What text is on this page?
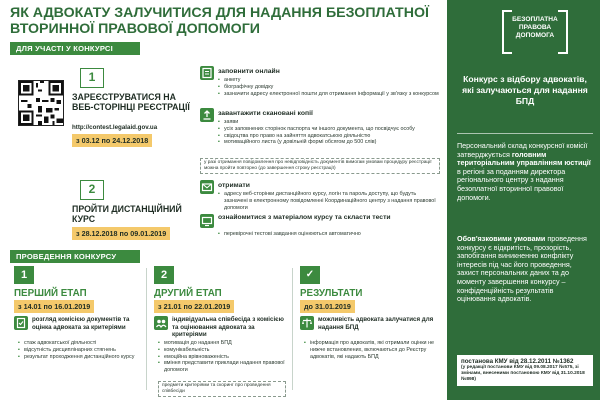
ЯК АДВОКАТУ ЗАЛУЧИТИСЯ ДЛЯ НАДАННЯ БЕЗОПЛАТНОЇ ВТОРИННОЇ ПРАВОВОЇ ДОПОМОГИ
ДЛЯ УЧАСТІ У КОНКУРСІ
1
ЗАРЕЄСТРУВАТИСЯ НА ВЕБ-СТОРІНЦІ РЕЄСТРАЦІЇ
http://contest.legalaid.gov.ua
з 03.12 по 24.12.2018
заповнити онлайн
▪ анкету
▪ біографічну довідку
▪ зазначити адресу електронної пошти для отримання інформації у зв'язку з конкурсом
завантажити скановані копії
▪ заяви
▪ усіх заповнених сторінок паспорта чи іншого документа, що посвідчує особу
▪ свідоцтва про право на зайняття адвокатською діяльністю
▪ мотиваційного листа (у довільній формі обсягом до 500 слів)
у разі отримання повідомлення про невідповідність документів вимогам умовам процедуру реєстрації можна пройти повторно (до завершення строку реєстрації)
2
ПРОЙТИ ДИСТАНЦІЙНИЙ КУРС
з 28.12.2018 по 09.01.2019
отримати
▪ адресу веб-сторінки дистанційного курсу, логін та пароль доступу, що будуть зазначені в електронному повідомленні Координаційного центру з надання правової допомоги
ознайомитися з матеріалом курсу та скласти тести
▪ перевірочні тестові завдання оцінюються автоматично
ПРОВЕДЕННЯ КОНКУРСУ
1
ПЕРШИЙ ЕТАП
з 14.01 по 16.01.2019
розгляд комісією документів та оцінка адвоката за критеріями
▪ стаж адвокатської діяльності
▪ відсутність дисциплінарних стягнень
▪ результат проходження дистанційного курсу
2
ДРУГИЙ ЕТАП
з 21.01 по 22.01.2019
індивідуальна співбесіда з комісією та оцінювання адвоката за критеріями
▪ мотивація до надання БПД
▪ комунікабельність
▪ емоційна врівноваженість
▪ вміння представити приклади надання правової допомоги
предмети критеріями та скоринг про проведення співбесіди
✓
РЕЗУЛЬТАТИ
до 31.01.2019
можливість адвоката залучатися для надання БПД
▪ інформація про адвокатів, які отримали оцінки не нижче встановлених, включаються до Реєстру адвокатів, які надають БПД
БЕЗОПЛАТНА
ПРАВОВА
ДОПОМОГА
Конкурс з відбору адвокатів, які залучаються для надання БПД
Персональний склад конкурсної комісії затверджується головним територіальним управлінням юстиції в регіоні за поданням директора регіонального центру з надання безоплатної вторинної правової допомоги.
Обов'язковими умовами проведення конкурсу є відкритість, прозорість, запобігання виникненню конфлікту інтересів під час його проведення, захист персональних даних та до моменту завершення конкурсу – конфіденційність результатів оцінювання адвокатів.
постанова КМУ від 28.12.2011 №1362
(у редакції постанови КМУ від 09.08.2017 №575, зі змінами, внесеними постановою КМУ від 31.10.2018 №898)
